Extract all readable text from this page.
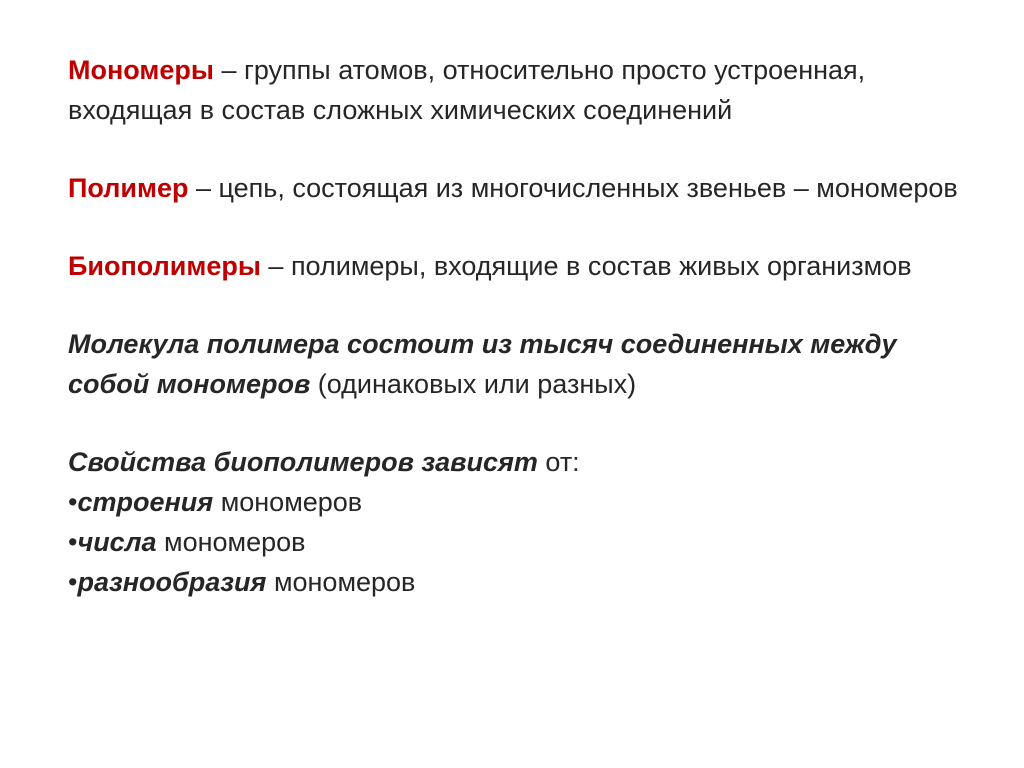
Мономеры – группы атомов, относительно просто устроенная, входящая в состав сложных химических соединений

Полимер – цепь, состоящая из многочисленных звеньев – мономеров

Биополимеры – полимеры, входящие в состав живых организмов

Молекула полимера состоит из тысяч соединенных между собой мономеров (одинаковых или разных)

Свойства биополимеров зависят от:
•строения мономеров
•числа мономеров
•разнообразия мономеров
